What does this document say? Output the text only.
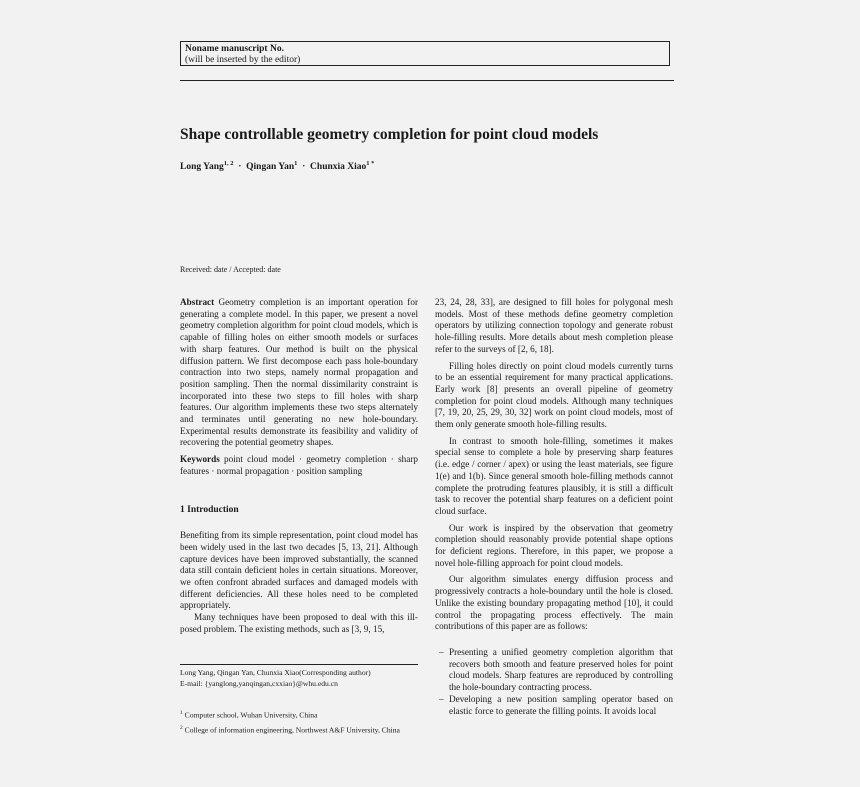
Noname manuscript No.
(will be inserted by the editor)
Shape controllable geometry completion for point cloud models
Long Yang$^{1, 2}$ · Qingan Yan$^1$ · Chunxia Xiao$^{1 *}$
Received: date / Accepted: date

Abstract Geometry completion is an important operation for generating a complete model. In this paper, we present a novel geometry completion algorithm for point cloud models, which is capable of filling holes on either smooth models or surfaces with sharp features. Our method is built on the physical diffusion pattern. We first decompose each pass hole-boundary contraction into two steps, namely normal propagation and position sampling. Then the normal dissimilarity constraint is incorporated into these two steps to fill holes with sharp features. Our algorithm implements these two steps alternately and terminates until generating no new hole-boundary. Experimental results demonstrate its feasibility and validity of recovering the potential geometry shapes.

Keywords point cloud model · geometry completion · sharp features · normal propagation · position sampling

1 Introduction

Benefiting from its simple representation, point cloud model has been widely used in the last two decades [5, 13, 21]. Although capture devices have been improved substantially, the scanned data still contain deficient holes in certain situations. Moreover, we often confront abraded surfaces and damaged models with different deficiencies. All these holes need to be completed appropriately.

Many techniques have been proposed to deal with this ill-posed problem. The existing methods, such as [3, 9, 15,

Long Yang, Qingan Yan, Chunxia Xiao(Corresponding author)
E-mail: {yanglong,yanqingan,cxxiao}@whu.edu.cn
$^1$ Computer school, Wuhan University, China
$^2$ College of information engineering, Northwest A&F University, China

23, 24, 28, 33], are designed to fill holes for polygonal mesh models. Most of these methods define geometry completion operators by utilizing connection topology and generate robust hole-filling results. More details about mesh completion please refer to the surveys of [2, 6, 18].

Filling holes directly on point cloud models currently turns to be an essential requirement for many practical applications. Early work [8] presents an overall pipeline of geometry completion for point cloud models. Although many techniques [7, 19, 20, 25, 29, 30, 32] work on point cloud models, most of them only generate smooth hole-filling results.

In contrast to smooth hole-filling, sometimes it makes special sense to complete a hole by preserving sharp features (i.e. edge / corner / apex) or using the least materials, see figure 1(e) and 1(b). Since general smooth hole-filling methods cannot complete the protruding features plausibly, it is still a difficult task to recover the potential sharp features on a deficient point cloud surface.

Our work is inspired by the observation that geometry completion should reasonably provide potential shape options for deficient regions. Therefore, in this paper, we propose a novel hole-filling approach for point cloud models.

Our algorithm simulates energy diffusion process and progressively contracts a hole-boundary until the hole is closed. Unlike the existing boundary propagating method [10], it could control the propagating process effectively. The main contributions of this paper are as follows:

– Presenting a unified geometry completion algorithm that recovers both smooth and feature preserved holes for point cloud models. Sharp features are reproduced by controlling the hole-boundary contracting process.
– Developing a new position sampling operator based on elastic force to generate the filling points. It avoids local
